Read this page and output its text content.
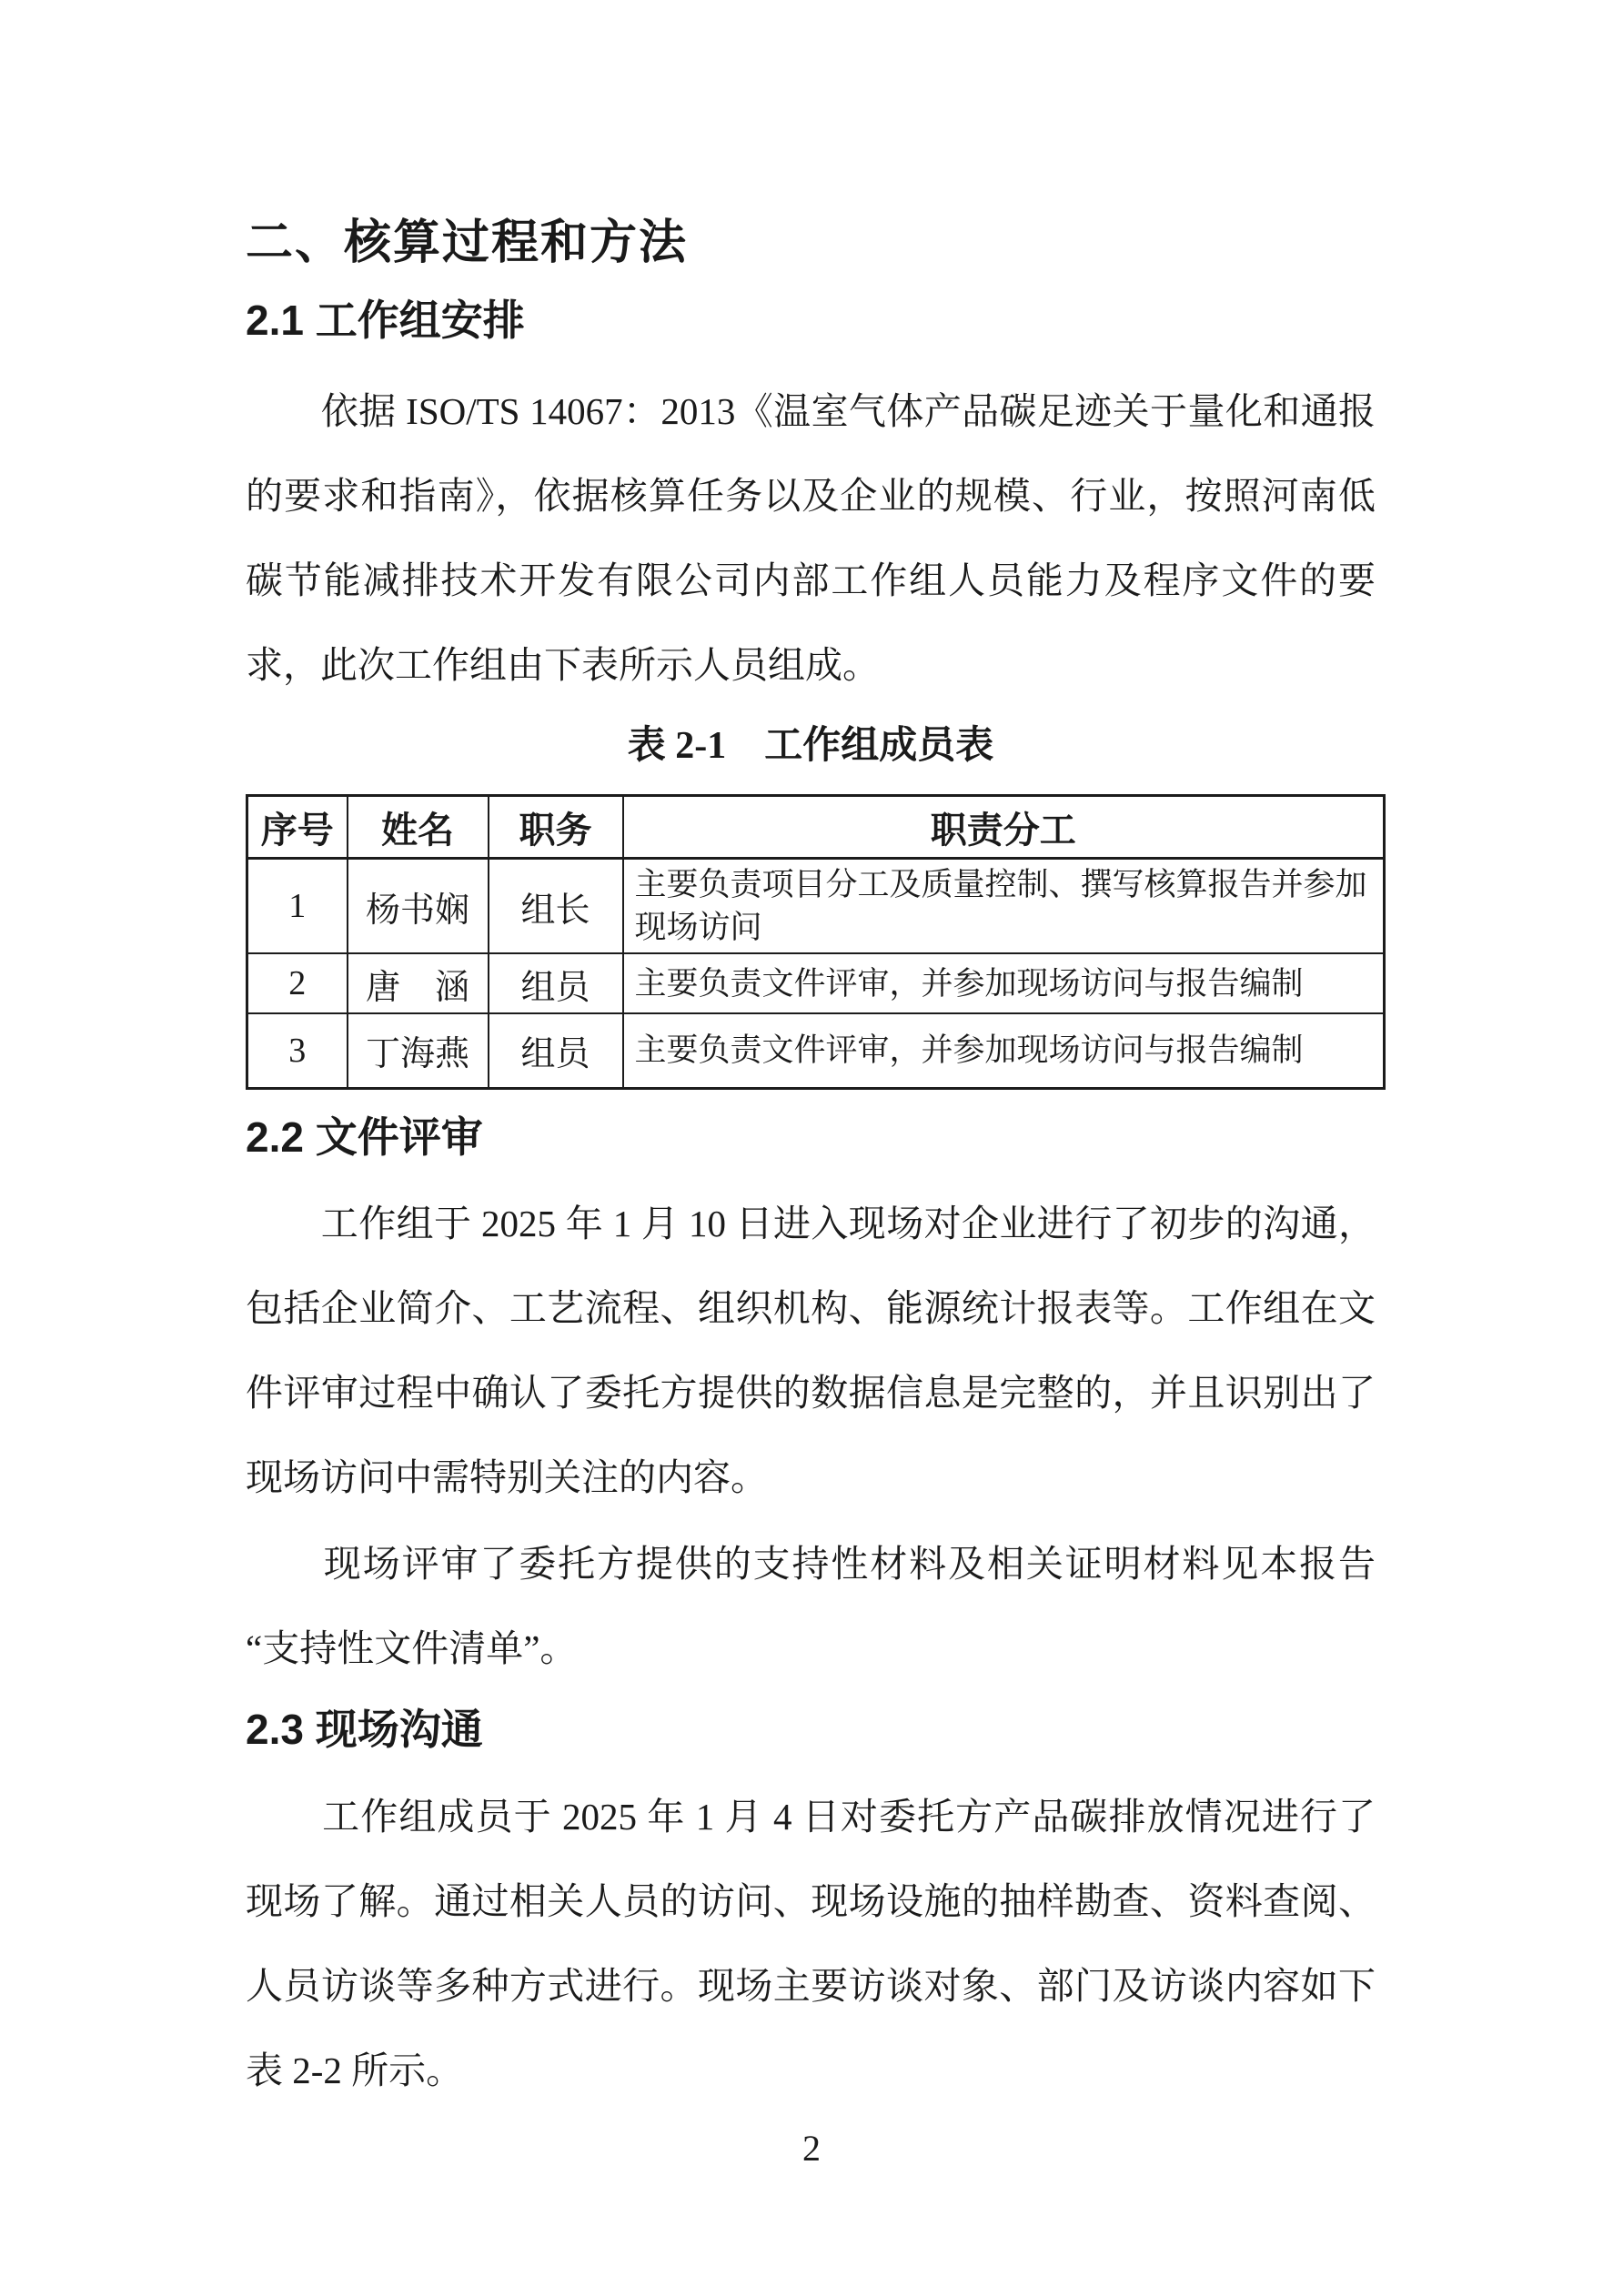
二、核算过程和方法
2.1 工作组安排
　　依据 ISO/TS 14067：2013《温室气体产品碳足迹关于量化和通报
的要求和指南》，依据核算任务以及企业的规模、行业，按照河南低
碳节能减排技术开发有限公司内部工作组人员能力及程序文件的要
求，此次工作组由下表所示人员组成。
表 2-1　工作组成员表
序号	姓名	职务	职责分工
1	杨书娴	组长	主要负责项目分工及质量控制、撰写核算报告并参加现场访问
2	唐　涵	组员	主要负责文件评审，并参加现场访问与报告编制
3	丁海燕	组员	主要负责文件评审，并参加现场访问与报告编制
2.2 文件评审
　　工作组于 2025 年 1 月 10 日进入现场对企业进行了初步的沟通，
包括企业简介、工艺流程、组织机构、能源统计报表等。工作组在文
件评审过程中确认了委托方提供的数据信息是完整的，并且识别出了
现场访问中需特别关注的内容。
　　现场评审了委托方提供的支持性材料及相关证明材料见本报告
“支持性文件清单”。
2.3 现场沟通
　　工作组成员于 2025 年 1 月 4 日对委托方产品碳排放情况进行了
现场了解。通过相关人员的访问、现场设施的抽样勘查、资料查阅、
人员访谈等多种方式进行。现场主要访谈对象、部门及访谈内容如下
表 2-2 所示。
2
